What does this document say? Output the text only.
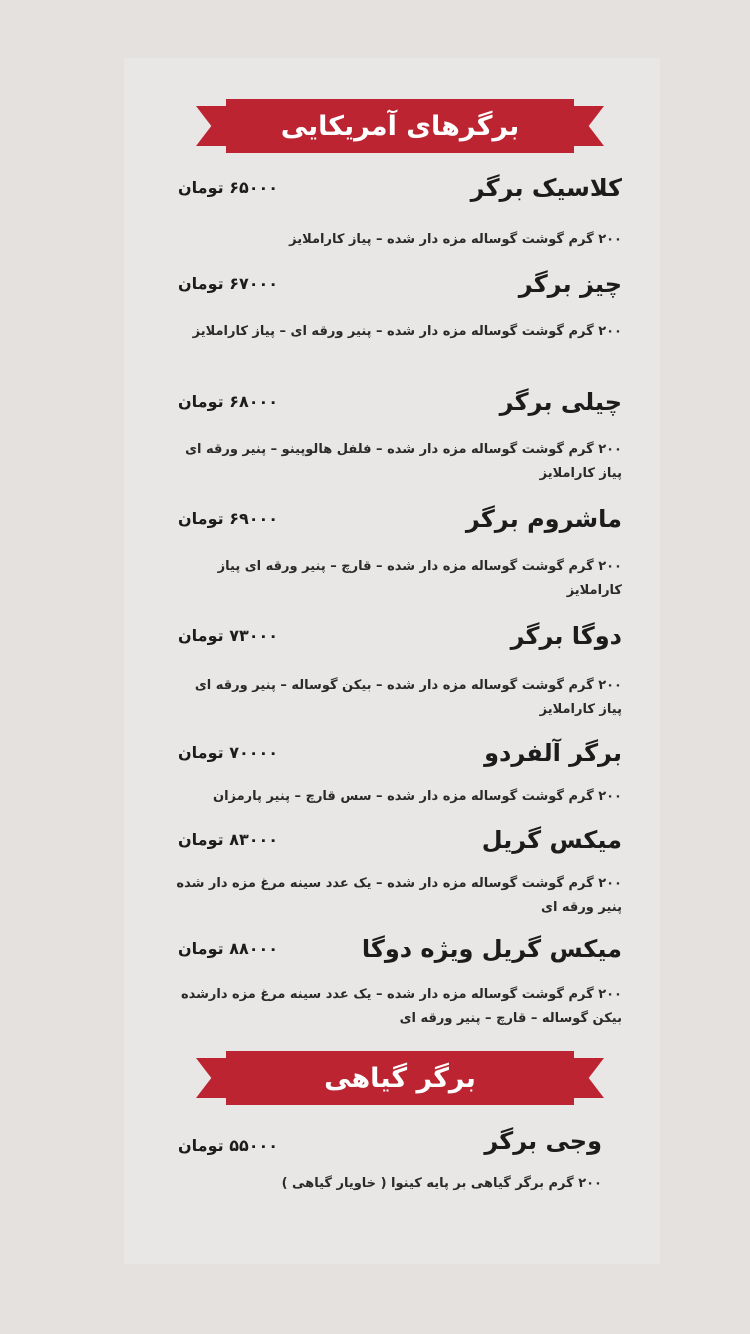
برگرهای آمریکایی
کلاسیک برگر
۶۵۰۰۰ تومان
۲۰۰ گرم گوشت گوساله مزه دار شده – پیاز کاراملایز
چیز برگر
۶۷۰۰۰ تومان
۲۰۰ گرم گوشت گوساله مزه دار شده – پنیر ورقه ای – پیاز کاراملایز
چیلی برگر
۶۸۰۰۰ تومان
۲۰۰ گرم گوشت گوساله مزه دار شده – فلفل هالوپینو – پنیر ورقه ای پیاز کاراملایز
ماشروم برگر
۶۹۰۰۰ تومان
۲۰۰ گرم گوشت گوساله مزه دار شده – قارچ – پنیر ورقه ای پیاز کاراملایز
دوگا برگر
۷۳۰۰۰ تومان
۲۰۰ گرم گوشت گوساله مزه دار شده – بیکن گوساله – پنیر ورقه ای پیاز کاراملایز
برگر آلفردو
۷۰۰۰۰ تومان
۲۰۰ گرم گوشت گوساله مزه دار شده – سس قارچ – پنیر پارمزان
میکس گریل
۸۳۰۰۰ تومان
۲۰۰ گرم گوشت گوساله مزه دار شده – یک عدد سینه مرغ مزه دار شده پنیر ورقه ای
میکس گریل ویژه دوگا
۸۸۰۰۰ تومان
۲۰۰ گرم گوشت گوساله مزه دار شده – یک عدد سینه مرغ مزه دارشده بیکن گوساله – قارچ – پنیر ورقه ای
برگر گیاهی
وجی برگر
۵۵۰۰۰ تومان
۲۰۰ گرم برگر گیاهی بر پایه کینوا ( خاویار گیاهی )
